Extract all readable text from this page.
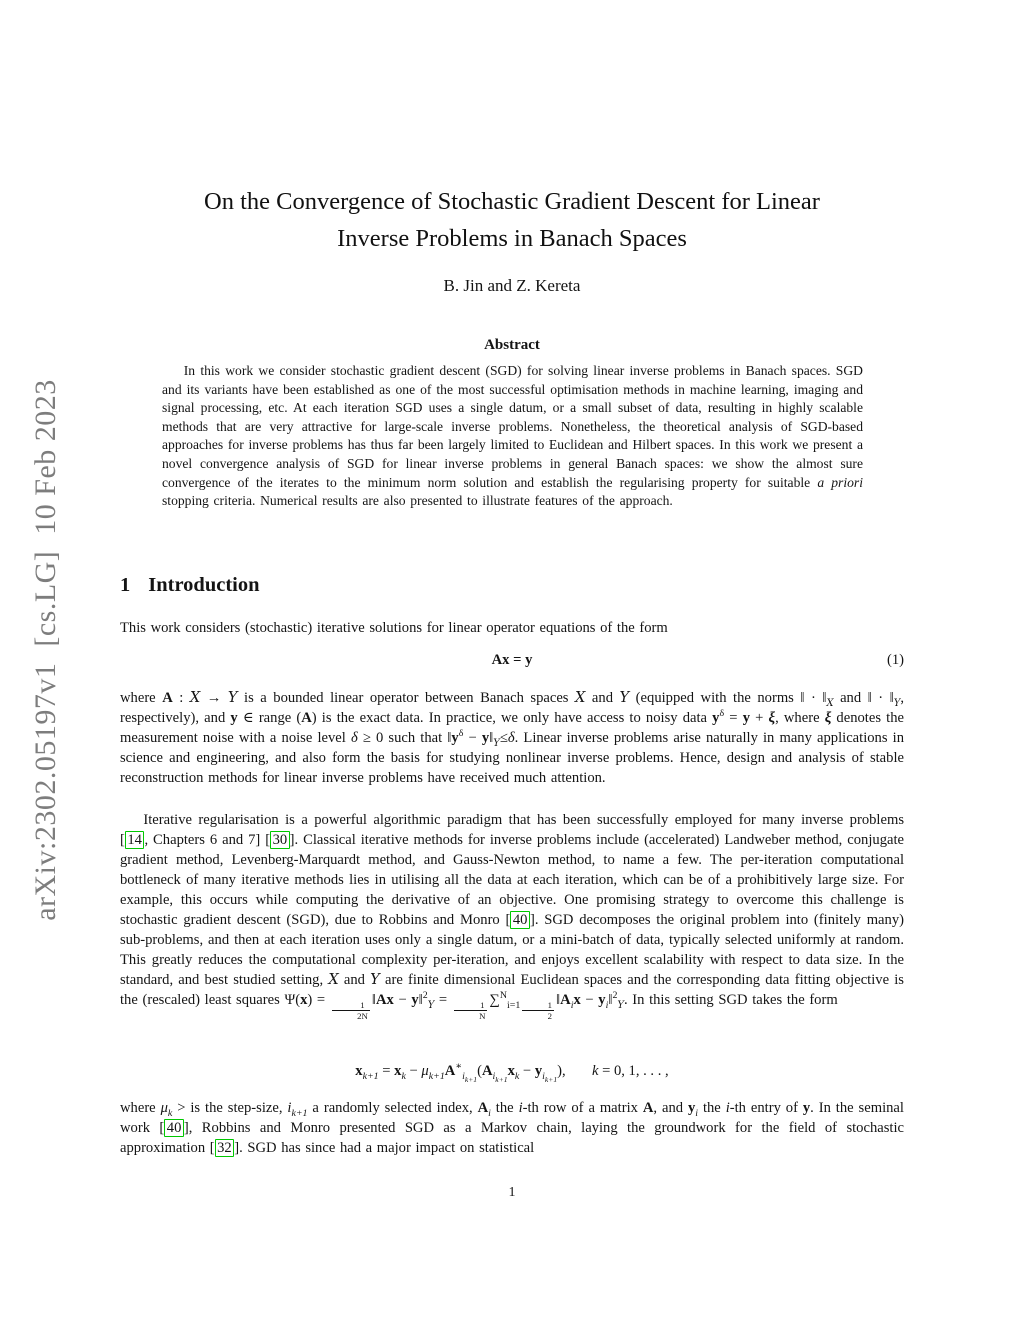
arXiv:2302.05197v1  [cs.LG]  10 Feb 2023
On the Convergence of Stochastic Gradient Descent for Linear
Inverse Problems in Banach Spaces
B. Jin and Z. Kereta
Abstract

In this work we consider stochastic gradient descent (SGD) for solving linear inverse problems in Banach spaces. SGD and its variants have been established as one of the most successful optimisation methods in machine learning, imaging and signal processing, etc. At each iteration SGD uses a single datum, or a small subset of data, resulting in highly scalable methods that are very attractive for large-scale inverse problems. Nonetheless, the theoretical analysis of SGD-based approaches for inverse problems has thus far been largely limited to Euclidean and Hilbert spaces. In this work we present a novel convergence analysis of SGD for linear inverse problems in general Banach spaces: we show the almost sure convergence of the iterates to the minimum norm solution and establish the regularising property for suitable a priori stopping criteria. Numerical results are also presented to illustrate features of the approach.

1 Introduction

This work considers (stochastic) iterative solutions for linear operator equations of the form

Ax = y	(1)

where A : X → Y is a bounded linear operator between Banach spaces X and Y (equipped with the norms ‖ · $‖_X$ and ‖ · $‖_Y$, respectively), and y ∈ range (A) is the exact data. In practice, we only have access to noisy data $y^\delta = y + \xi$, where ξ denotes the measurement noise with a noise level δ ≥ 0 such that $‖y^\delta$ − $y‖_Y\le\delta$. Linear inverse problems arise naturally in many applications in science and engineering, and also form the basis for studying nonlinear inverse problems. Hence, design and analysis of stable reconstruction methods for linear inverse problems have received much attention.

Iterative regularisation is a powerful algorithmic paradigm that has been successfully employed for many inverse problems [ 14 , Chapters 6 and 7] [ 30 ]. Classical iterative methods for inverse problems include (accelerated) Landweber method, conjugate gradient method, Levenberg-Marquardt method, and Gauss-Newton method, to name a few. The per-iteration computational bottleneck of many iterative methods lies in utilising all the data at each iteration, which can be of a prohibitively large size. For example, this occurs while computing the derivative of an objective. One promising strategy to overcome this challenge is stochastic gradient descent (SGD), due to Robbins and Monro [ 40 ]. SGD decomposes the original problem into (finitely many) sub-problems, and then at each iteration uses only a single datum, or a mini-batch of data, typically selected uniformly at random. This greatly reduces the computational complexity per-iteration, and enjoys excellent scalability with respect to data size. In the standard, and best studied setting, X and Y are finite dimensional Euclidean spaces and the corresponding data fitting objective is the (rescaled) least squares $\Psi(x) = \frac{1}{2N}$ ‖Ax − y‖$^2_Y$ = $\frac{1}{N} \sum^N_{i=1} \frac{1}{2}$ $‖A_ix$ − $y_i‖^2_Y$. In this setting SGD takes the form

$x_{k+1} = x_k - \mu_{k+1}A^∗_{ik+1}(A_{ik+1}x_k - y_{ik+1})$, k = 0, 1, . . . ,

where $\mu_k$ > is the step-size, $i_{k+1}$ a randomly selected index, $A_i$ the i-th row of a matrix A, and $y_i$ the i-th entry of y. In the seminal work [ 40 ], Robbins and Monro presented SGD as a Markov chain, laying the groundwork for the field of stochastic approximation [ 32 ]. SGD has since had a major impact on statistical

1
